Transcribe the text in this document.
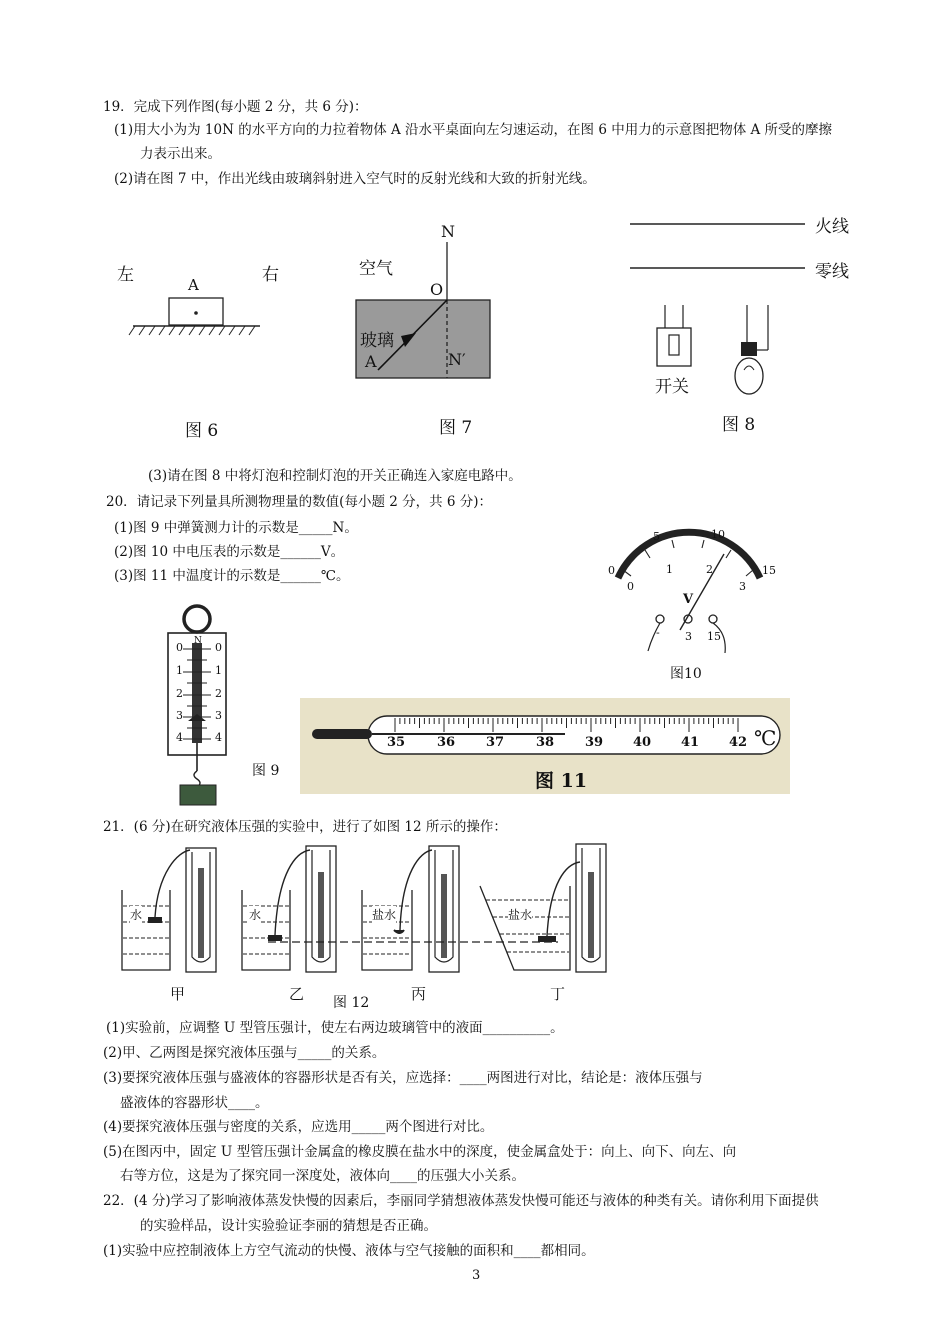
19．完成下列作图(每小题 2 分，共 6 分)：
(1)用大小为为 10N 的水平方向的力拉着物体 A 沿水平桌面向左匀速运动，在图 6 中用力的示意图把物体 A 所受的摩擦
力表示出来。
(2)请在图 7 中，作出光线由玻璃斜射进入空气时的反射光线和大致的折射光线。
左	右
A
图 6
N
空气
O
玻璃
A	N′
图 7
火线
零线
开关
图 8
(3)请在图 8 中将灯泡和控制灯泡的开关正确连入家庭电路中。
20．请记录下列量具所测物理量的数值(每小题 2 分，共 6 分)：
(1)图 9 中弹簧测力计的示数是_____N。
(2)图 10 中电压表的示数是______V。
(3)图 11 中温度计的示数是______℃。	0
5	10
15
0
1	2
3
V
- 3 15
图10
N
0
1
2
3
4
0
1
2
3
4
图 9
35 36 37 38 39 40 41 42 ℃
图 11
21．(6 分)在研究液体压强的实验中，进行了如图 12 所示的操作：
水	水	盐水	盐水
甲	乙	丙	丁
图 12
(1)实验前，应调整 U 型管压强计，使左右两边玻璃管中的液面__________。
(2)甲、乙两图是探究液体压强与_____的关系。
(3)要探究液体压强与盛液体的容器形状是否有关，应选择：____两图进行对比，结论是：液体压强与
盛液体的容器形状____。
(4)要探究液体压强与密度的关系，应选用_____两个图进行对比。
(5)在图丙中，固定 U 型管压强计金属盒的橡皮膜在盐水中的深度，使金属盒处于：向上、向下、向左、向
右等方位，这是为了探究同一深度处，液体向____的压强大小关系。
22．(4 分)学习了影响液体蒸发快慢的因素后，李丽同学猜想液体蒸发快慢可能还与液体的种类有关。请你利用下面提供
的实验样品，设计实验验证李丽的猜想是否正确。
(1)实验中应控制液体上方空气流动的快慢、液体与空气接触的面积和____都相同。
3
